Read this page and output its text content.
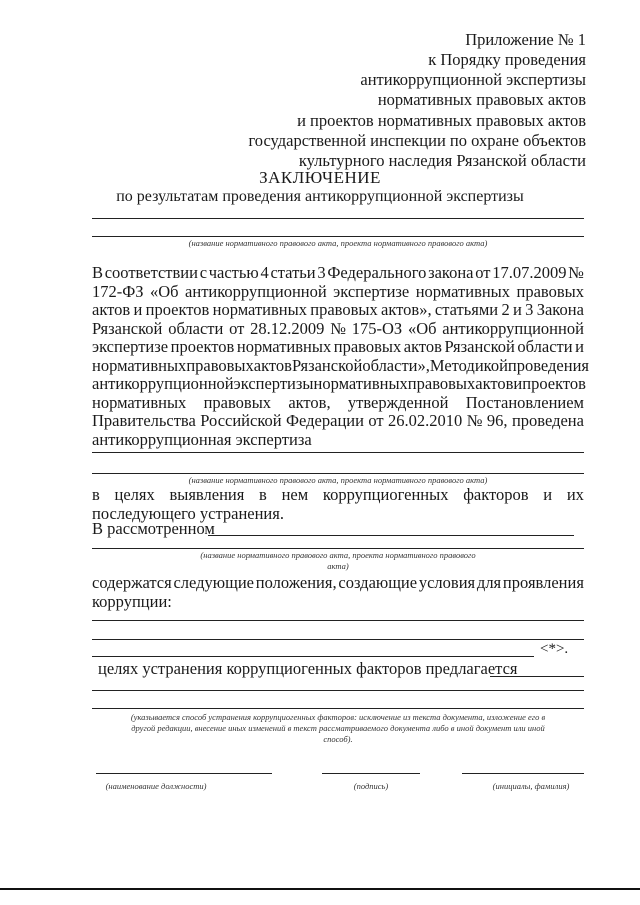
Приложение № 1
к Порядку проведения
антикоррупционной экспертизы
нормативных правовых актов
и проектов нормативных правовых актов
государственной инспекции по охране объектов
культурного наследия Рязанской области
ЗАКЛЮЧЕНИЕ
по результатам проведения антикоррупционной экспертизы
(название нормативного правового акта, проекта нормативного правового акта)
В соответствии с частью 4 статьи 3 Федерального закона от 17.07.2009 №
172-ФЗ «Об антикоррупционной экспертизе нормативных правовых
актов и проектов нормативных правовых актов», статьями 2 и 3 Закона
Рязанской области от 28.12.2009 № 175-ОЗ «Об антикоррупционной
экспертизе проектов нормативных правовых актов Рязанской области и
нормативных правовых актов Рязанской области», Методикой проведения
антикоррупционной экспертизы нормативных правовых актов и проектов
нормативных правовых актов, утвержденной Постановлением
Правительства Российской Федерации от 26.02.2010 № 96, проведена
антикоррупционная экспертиза
(название нормативного правового акта, проекта нормативного правового акта)
в целях выявления в нем коррупциогенных факторов и их
последующего устранения.
В рассмотренном
(название нормативного правового акта, проекта нормативного правового
акта)
содержатся следующие положения, создающие условия для проявления
коррупции:
<*>.
целях устранения коррупциогенных факторов предлагается
(указывается способ устранения коррупциогенных факторов: исключение из текста документа, изложение его в
другой редакции, внесение иных изменений в текст рассматриваемого документа либо в иной документ или иной
способ).
(наименование должности)	(подпись)	(инициалы, фамилия)
